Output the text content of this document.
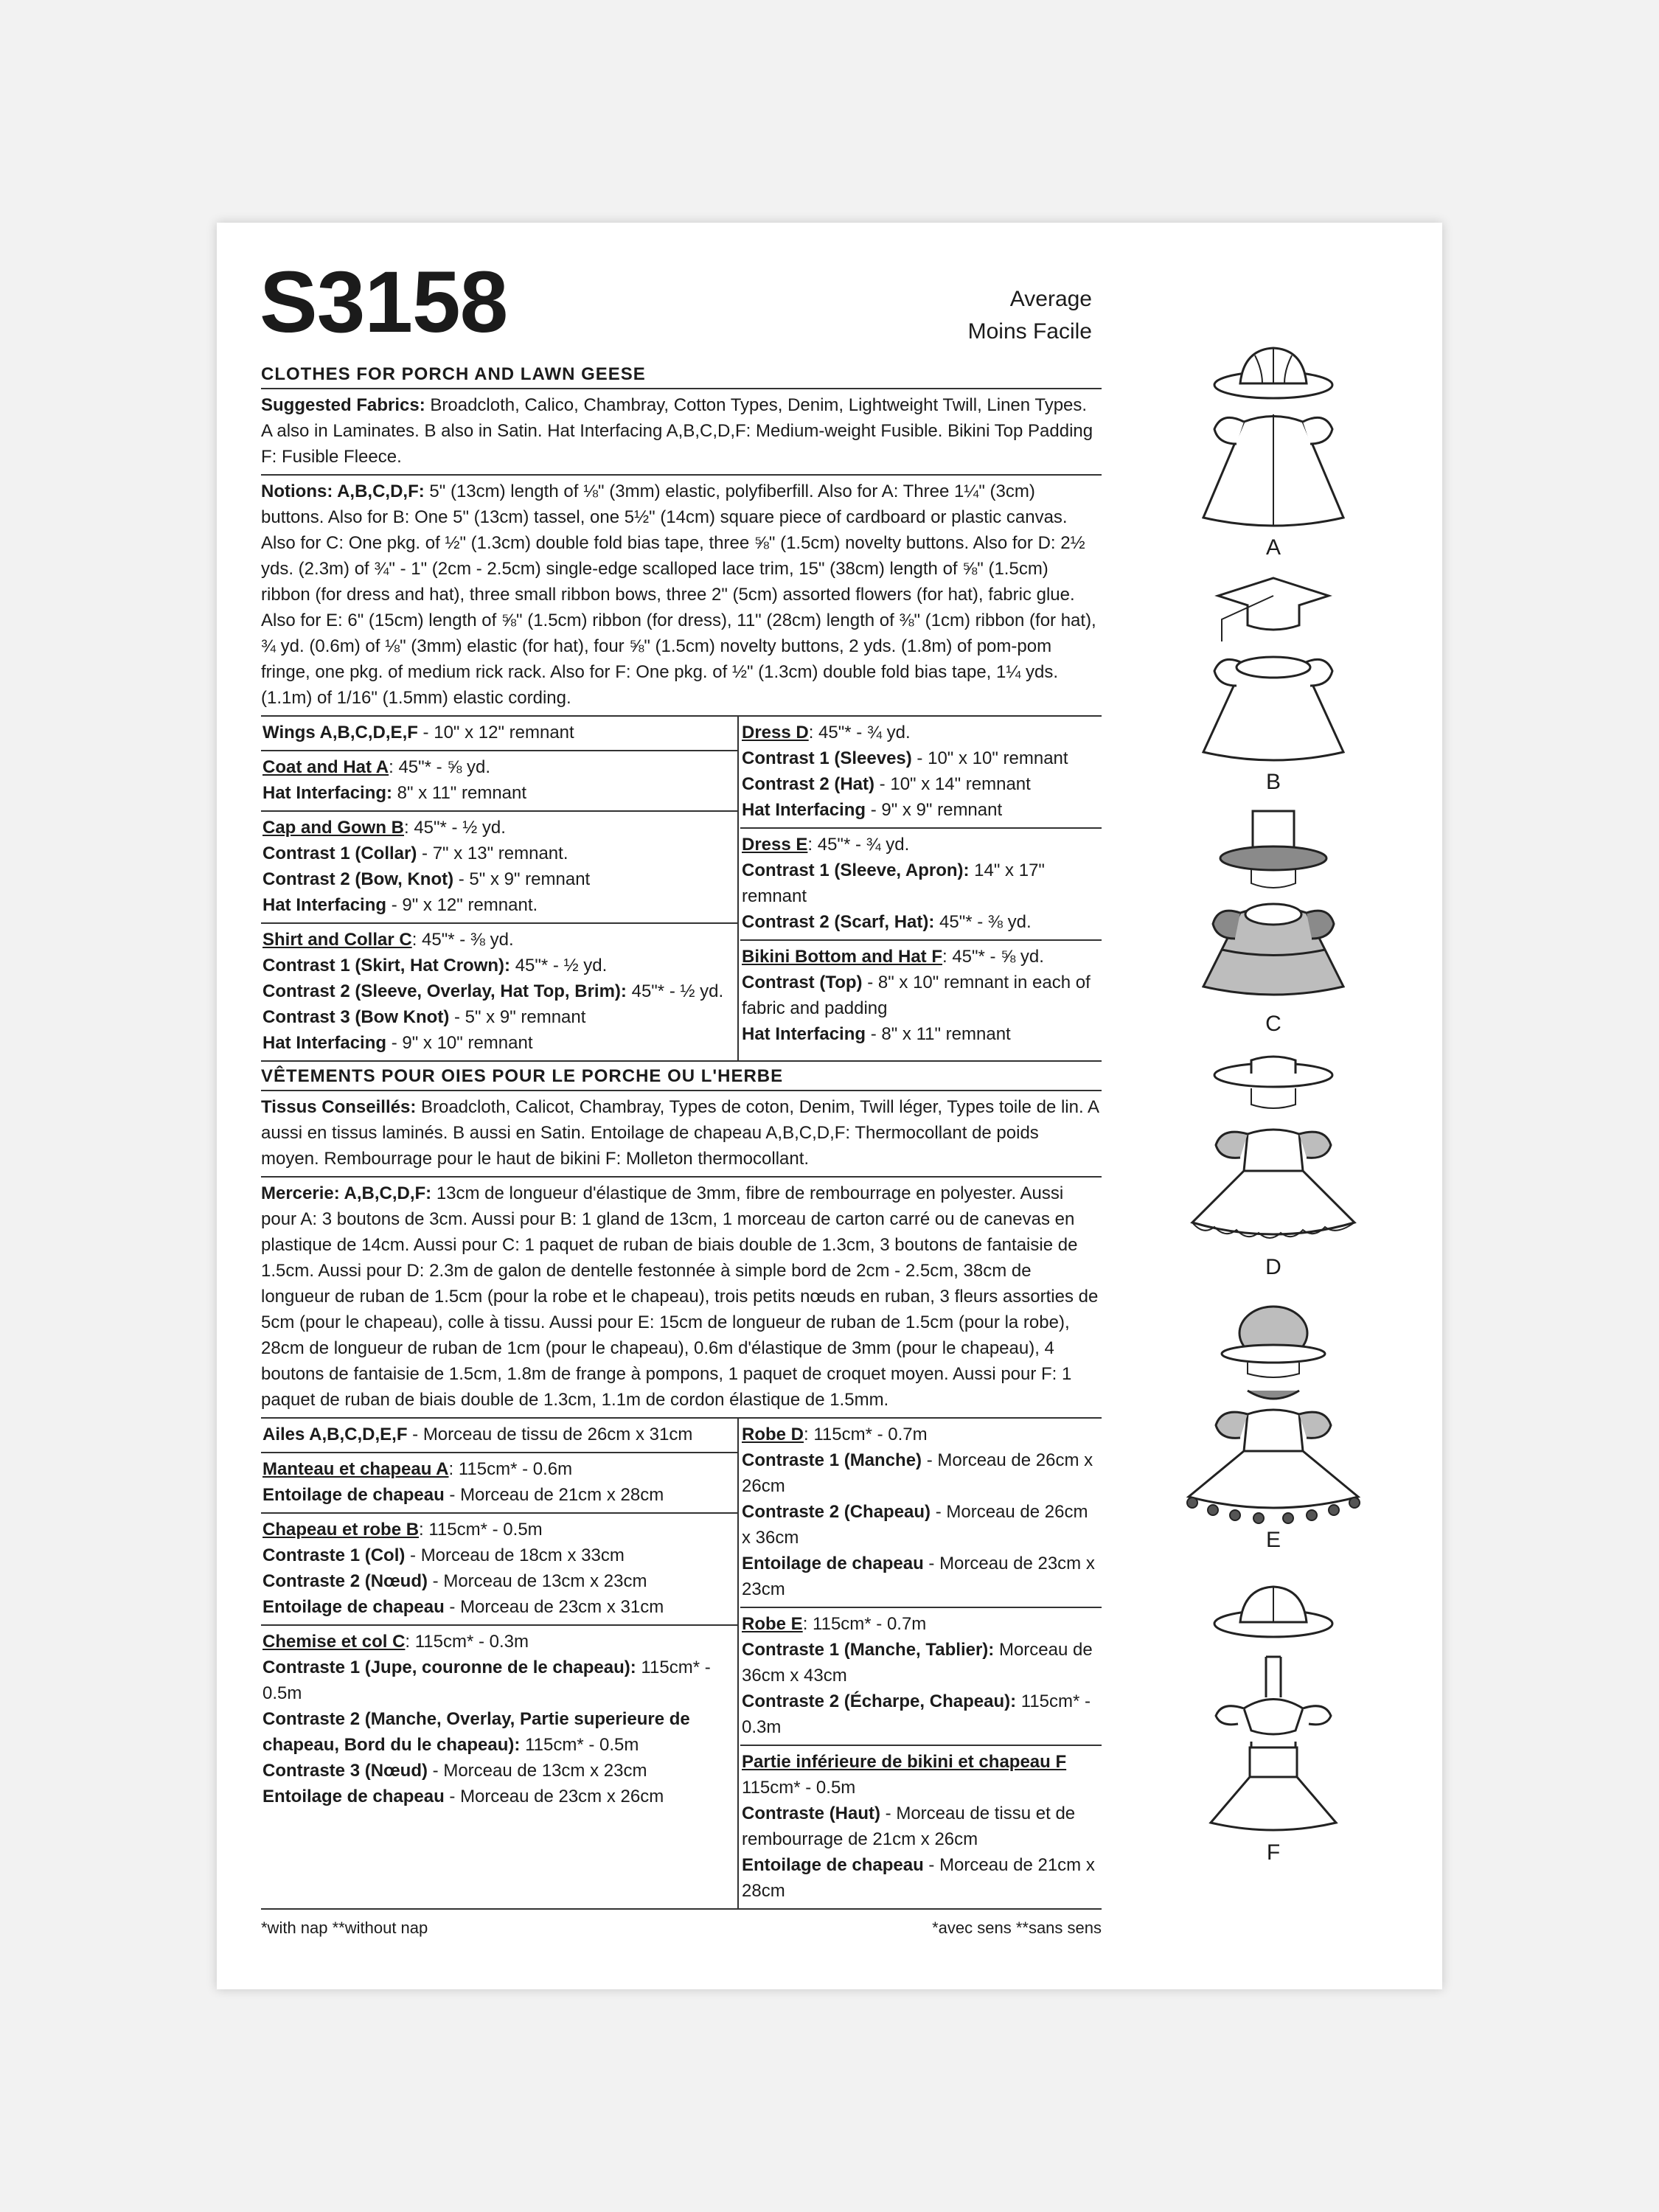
S3158	Average
Moins Facile
CLOTHES FOR PORCH AND LAWN GEESE

Suggested Fabrics: Broadcloth, Calico, Chambray, Cotton Types, Denim, Lightweight Twill, Linen Types. A also in Laminates. B also in Satin. Hat Interfacing A,B,C,D,F: Medium-weight Fusible. Bikini Top Padding F: Fusible Fleece.

Notions: A,B,C,D,F: 5" (13cm) length of ⅛" (3mm) elastic, polyfiberfill. Also for A: Three 1¼" (3cm) buttons. Also for B: One 5" (13cm) tassel, one 5½" (14cm) square piece of cardboard or plastic canvas. Also for C: One pkg. of ½" (1.3cm) double fold bias tape, three ⅝" (1.5cm) novelty buttons. Also for D: 2½ yds. (2.3m) of ¾" - 1" (2cm - 2.5cm) single-edge scalloped lace trim, 15" (38cm) length of ⅝" (1.5cm) ribbon (for dress and hat), three small ribbon bows, three 2" (5cm) assorted flowers (for hat), fabric glue. Also for E: 6" (15cm) length of ⅝" (1.5cm) ribbon (for dress), 11" (28cm) length of ⅜" (1cm) ribbon (for hat), ¾ yd. (0.6m) of ⅛" (3mm) elastic (for hat), four ⅝" (1.5cm) novelty buttons, 2 yds. (1.8m) of pom-pom fringe, one pkg. of medium rick rack. Also for F: One pkg. of ½" (1.3cm) double fold bias tape, 1¼ yds. (1.1m) of 1/16" (1.5mm) elastic cording.

Wings A,B,C,D,E,F - 10" x 12" remnant
Coat and Hat A: 45"* - ⅝ yd.
Hat Interfacing: 8" x 11" remnant
Cap and Gown B: 45"* - ½ yd.
Contrast 1 (Collar) - 7" x 13" remnant.
Contrast 2 (Bow, Knot) - 5" x 9" remnant
Hat Interfacing - 9" x 12" remnant.
Shirt and Collar C: 45"* - ⅜ yd.
Contrast 1 (Skirt, Hat Crown): 45"* - ½ yd.
Contrast 2 (Sleeve, Overlay, Hat Top, Brim): 45"* - ½ yd.
Contrast 3 (Bow Knot) - 5" x 9" remnant
Hat Interfacing - 9" x 10" remnant
Dress D: 45"* - ¾ yd.
Contrast 1 (Sleeves) - 10" x 10" remnant
Contrast 2 (Hat) - 10" x 14" remnant
Hat Interfacing - 9" x 9" remnant
Dress E: 45"* - ¾ yd.
Contrast 1 (Sleeve, Apron): 14" x 17" remnant
Contrast 2 (Scarf, Hat): 45"* - ⅜ yd.
Bikini Bottom and Hat F: 45"* - ⅝ yd.
Contrast (Top) - 8" x 10" remnant in each of fabric and padding
Hat Interfacing - 8" x 11" remnant
VÊTEMENTS POUR OIES POUR LE PORCHE OU L'HERBE

Tissus Conseillés: Broadcloth, Calicot, Chambray, Types de coton, Denim, Twill léger, Types toile de lin. A aussi en tissus laminés. B aussi en Satin. Entoilage de chapeau A,B,C,D,F: Thermocollant de poids moyen. Rembourrage pour le haut de bikini F: Molleton thermocollant.

Mercerie: A,B,C,D,F: 13cm de longueur d'élastique de 3mm, fibre de rembourrage en polyester. Aussi pour A: 3 boutons de 3cm. Aussi pour B: 1 gland de 13cm, 1 morceau de carton carré ou de canevas en plastique de 14cm. Aussi pour C: 1 paquet de ruban de biais double de 1.3cm, 3 boutons de fantaisie de 1.5cm. Aussi pour D: 2.3m de galon de dentelle festonnée à simple bord de 2cm - 2.5cm, 38cm de longueur de ruban de 1.5cm (pour la robe et le chapeau), trois petits nœuds en ruban, 3 fleurs assorties de 5cm (pour le chapeau), colle à tissu. Aussi pour E: 15cm de longueur de ruban de 1.5cm (pour la robe), 28cm de longueur de ruban de 1cm (pour le chapeau), 0.6m d'élastique de 3mm (pour le chapeau), 4 boutons de fantaisie de 1.5cm, 1.8m de frange à pompons, 1 paquet de croquet moyen. Aussi pour F: 1 paquet de ruban de biais double de 1.3cm, 1.1m de cordon élastique de 1.5mm.

Ailes A,B,C,D,E,F - Morceau de tissu de 26cm x 31cm
Manteau et chapeau A: 115cm* - 0.6m
Entoilage de chapeau - Morceau de 21cm x 28cm
Chapeau et robe B: 115cm* - 0.5m
Contraste 1 (Col) - Morceau de 18cm x 33cm
Contraste 2 (Nœud) - Morceau de 13cm x 23cm
Entoilage de chapeau - Morceau de 23cm x 31cm
Chemise et col C: 115cm* - 0.3m
Contraste 1 (Jupe, couronne de le chapeau): 115cm* - 0.5m
Contraste 2 (Manche, Overlay, Partie superieure de chapeau, Bord du le chapeau): 115cm* - 0.5m
Contraste 3 (Nœud) - Morceau de 13cm x 23cm
Entoilage de chapeau - Morceau de 23cm x 26cm
Robe D: 115cm* - 0.7m
Contraste 1 (Manche) - Morceau de 26cm x 26cm
Contraste 2 (Chapeau) - Morceau de 26cm x 36cm
Entoilage de chapeau - Morceau de 23cm x 23cm
Robe E: 115cm* - 0.7m
Contraste 1 (Manche, Tablier): Morceau de 36cm x 43cm
Contraste 2 (Écharpe, Chapeau): 115cm* - 0.3m
Partie inférieure de bikini et chapeau F
115cm* - 0.5m
Contraste (Haut) - Morceau de tissu et de rembourrage de 21cm x 26cm
Entoilage de chapeau - Morceau de 21cm x 28cm
*with nap **without nap	*avec sens **sans sens
A
B
C
D
E
F
